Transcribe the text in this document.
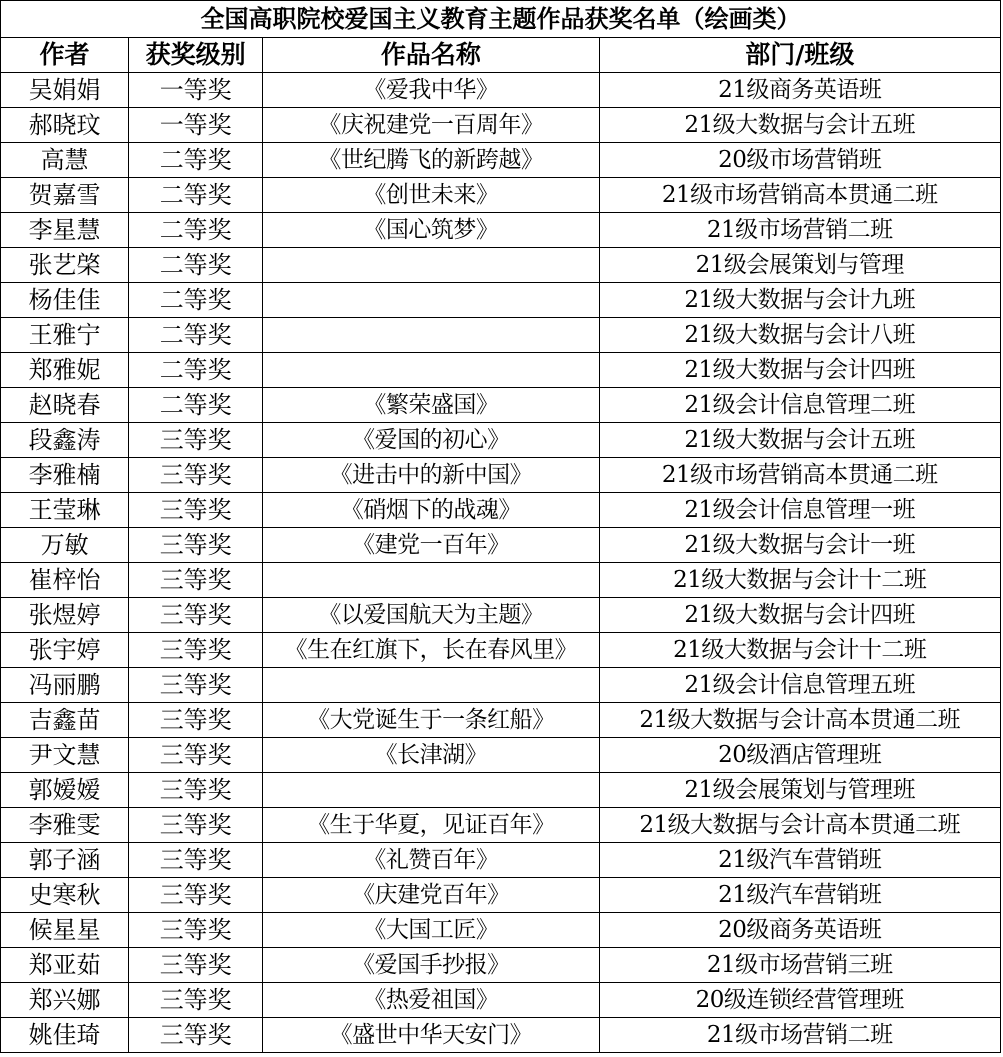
全国高职院校爱国主义教育主题作品获奖名单（绘画类）			
作者	获奖级别	作品名称	部门/班级
吴娟娟	一等奖	《爱我中华》	21级商务英语班
郝晓玟	一等奖	《庆祝建党一百周年》	21级大数据与会计五班
高慧	二等奖	《世纪腾飞的新跨越》	20级市场营销班
贺嘉雪	二等奖	《创世未来》	21级市场营销高本贯通二班
李星慧	二等奖	《国心筑梦》	21级市场营销二班
张艺棨	二等奖		21级会展策划与管理
杨佳佳	二等奖		21级大数据与会计九班
王雅宁	二等奖		21级大数据与会计八班
郑雅妮	二等奖		21级大数据与会计四班
赵晓春	二等奖	《繁荣盛国》	21级会计信息管理二班
段鑫涛	三等奖	《爱国的初心》	21级大数据与会计五班
李雅楠	三等奖	《进击中的新中国》	21级市场营销高本贯通二班
王莹琳	三等奖	《硝烟下的战魂》	21级会计信息管理一班
万敏	三等奖	《建党一百年》	21级大数据与会计一班
崔梓怡	三等奖		21级大数据与会计十二班
张煜婷	三等奖	《以爱国航天为主题》	21级大数据与会计四班
张宇婷	三等奖	《生在红旗下，长在春风里》	21级大数据与会计十二班
冯丽鹏	三等奖		21级会计信息管理五班
吉鑫苗	三等奖	《大党诞生于一条红船》	21级大数据与会计高本贯通二班
尹文慧	三等奖	《长津湖》	20级酒店管理班
郭嫒嫒	三等奖		21级会展策划与管理班
李雅雯	三等奖	《生于华夏，见证百年》	21级大数据与会计高本贯通二班
郭子涵	三等奖	《礼赞百年》	21级汽车营销班
史寒秋	三等奖	《庆建党百年》	21级汽车营销班
候星星	三等奖	《大国工匠》	20级商务英语班
郑亚茹	三等奖	《爱国手抄报》	21级市场营销三班
郑兴娜	三等奖	《热爱祖国》	20级连锁经营管理班
姚佳琦	三等奖	《盛世中华天安门》	21级市场营销二班
